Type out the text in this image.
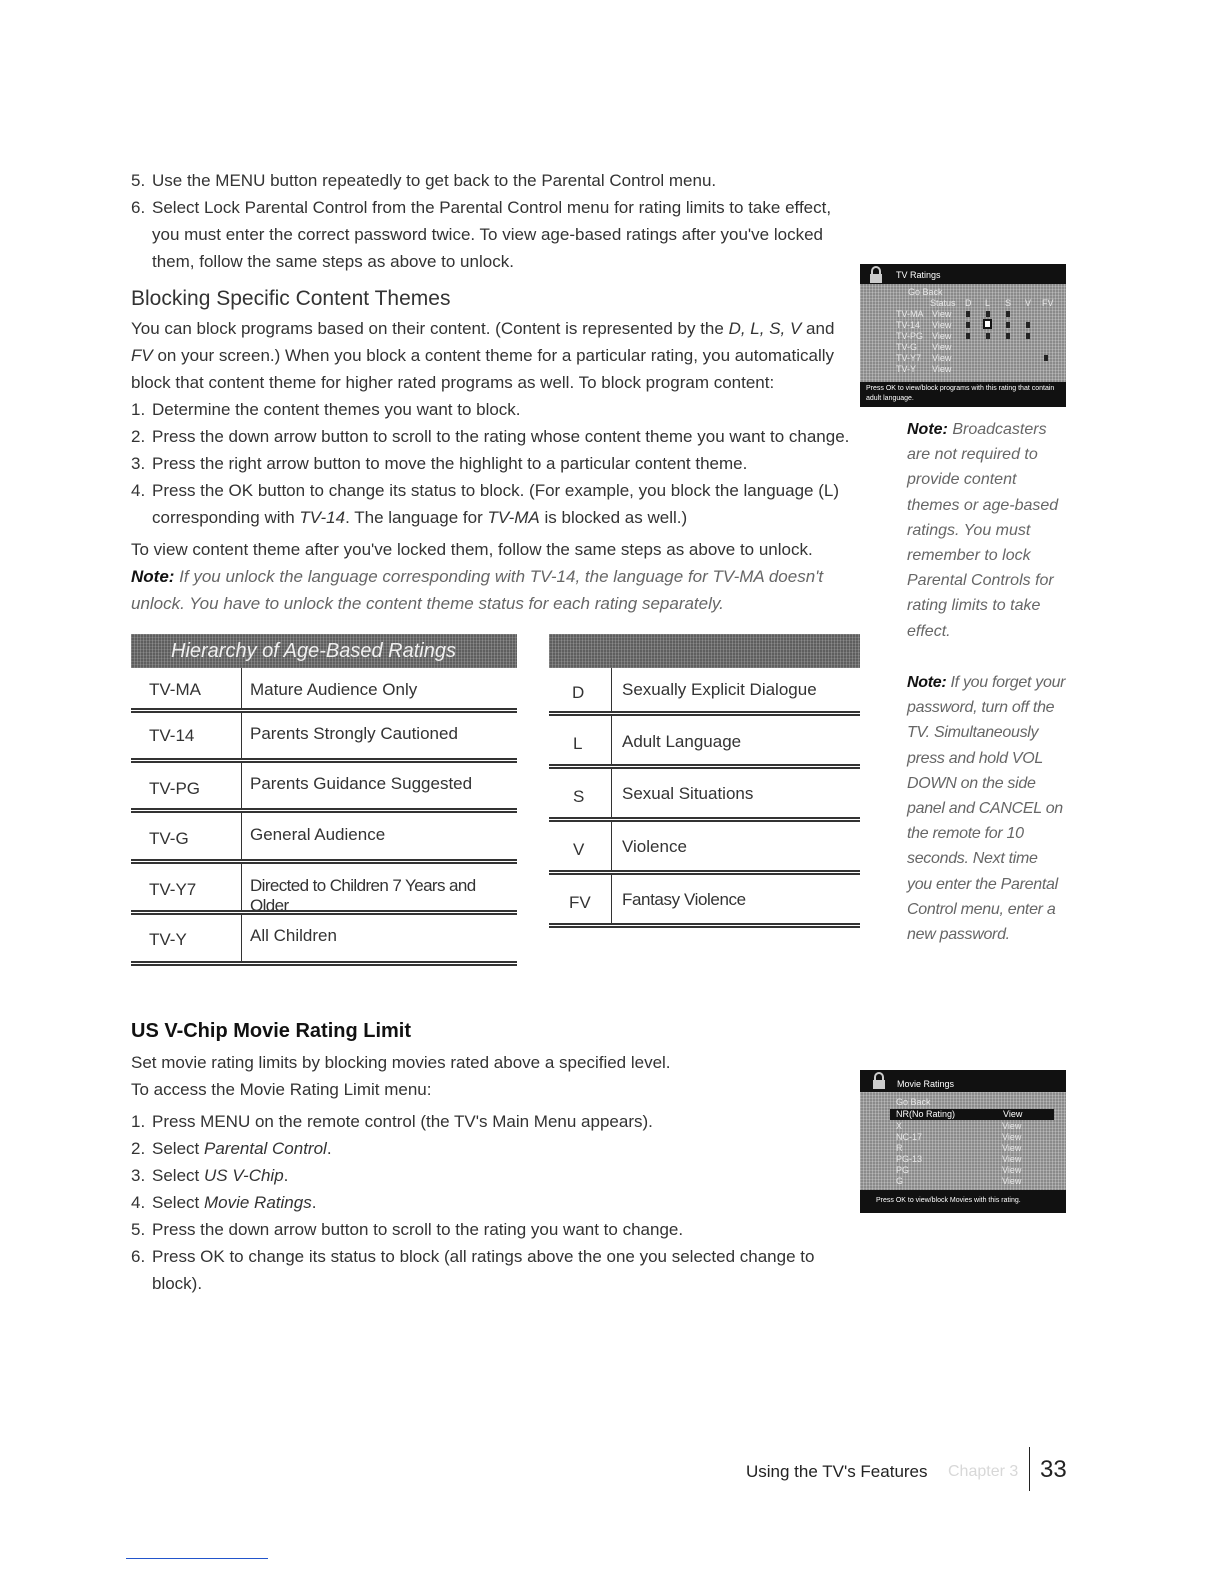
5. Use the MENU button repeatedly to get back to the Parental Control menu.
6. Select Lock Parental Control from the Parental Control menu for rating limits to take effect,
you must enter the correct password twice. To view age-based ratings after you've locked
them, follow the same steps as above to unlock.
Blocking Specific Content Themes
You can block programs based on their content. (Content is represented by the D, L, S, V and
FV on your screen.) When you block a content theme for a particular rating, you automatically
block that content theme for higher rated programs as well. To block program content:
1. Determine the content themes you want to block.
2. Press the down arrow button to scroll to the rating whose content theme you want to change.
3. Press the right arrow button to move the highlight to a particular content theme.
4. Press the OK button to change its status to block. (For example, you block the language (L)
corresponding with TV-14. The language for TV-MA is blocked as well.)
To view content theme after you've locked them, follow the same steps as above to unlock.
Note: If you unlock the language corresponding with TV-14, the language for TV-MA doesn't
unlock. You have to unlock the content theme status for each rating separately.
Hierarchy of Age-Based Ratings
TV-MA	Mature Audience Only
TV-14	Parents Strongly Cautioned
TV-PG	Parents Guidance Suggested
TV-G	General Audience
TV-Y7	Directed to Children 7 Years and Older
TV-Y	All Children
D Sexually Explicit Dialogue
L Adult Language
S Sexual Situations
V Violence
FV Fantasy Violence
TV Ratings
Go Back
Status D L S V FV
TV-MA View
TV-14 View
TV-PG View
TV-G View
TV-Y7 View
TV-Y View
Press OK to view/block programs with this rating that contain
adult language.
Note: Broadcasters
are not required to
provide content
themes or age-based
ratings. You must
remember to lock
Parental Controls for
rating limits to take
effect.
Note: If you forget your
password, turn off the
TV. Simultaneously
press and hold VOL
DOWN on the side
panel and CANCEL on
the remote for 10
seconds. Next time
you enter the Parental
Control menu, enter a
new password.
US V-Chip Movie Rating Limit
Set movie rating limits by blocking movies rated above a specified level.
To access the Movie Rating Limit menu:
1. Press MENU on the remote control (the TV's Main Menu appears).
2. Select Parental Control.
3. Select US V-Chip.
4. Select Movie Ratings.
5. Press the down arrow button to scroll to the rating you want to change.
6. Press OK to change its status to block (all ratings above the one you selected change to
block).
Movie Ratings
Go Back
NR(No Rating)	View
X	View
NC-17	View
R	View
PG-13	View
PG	View
G	View
Press OK to view/block Movies with this rating.
Using the TV's Features Chapter 3 33
